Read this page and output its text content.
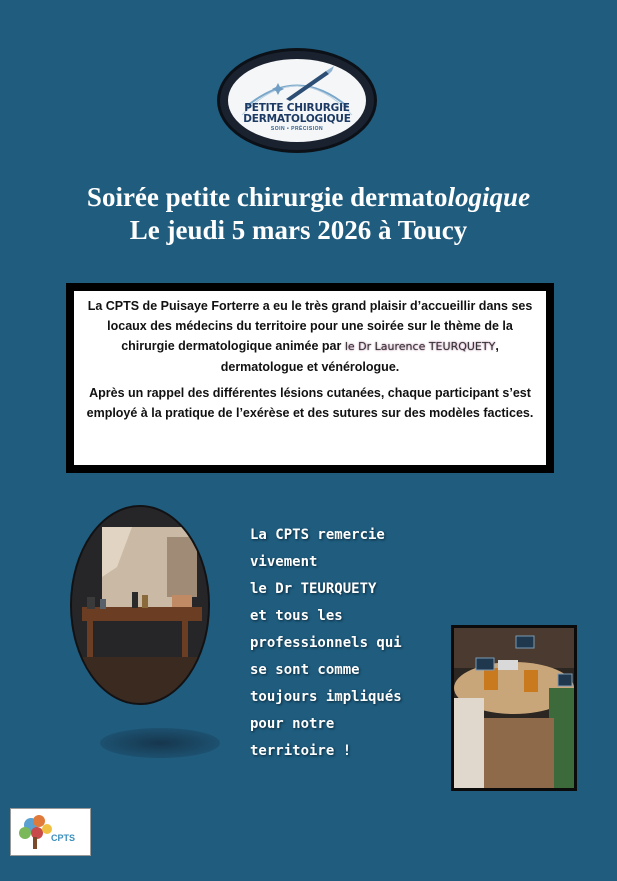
PETITE CHIRURGIE
DERMATOLOGIQUE
SOIN • PRÉCISION
Soirée petite chirurgie dermatologique
Le jeudi 5 mars 2026 à Toucy

La CPTS de Puisaye Forterre a eu le très grand plaisir d’accueillir dans ses locaux des médecins du territoire pour une soirée sur le thème de la chirurgie dermatologique animée par le Dr Laurence TEURQUETY, dermatologue et vénérologue.

Après un rappel des différentes lésions cutanées, chaque participant s’est employé à la pratique de l’exérèse et des sutures sur des modèles factices.

La CPTS remercie
vivement
le Dr TEURQUETY
et tous les
professionnels qui
se sont comme
toujours impliqués
pour notre
territoire !
CPTS
